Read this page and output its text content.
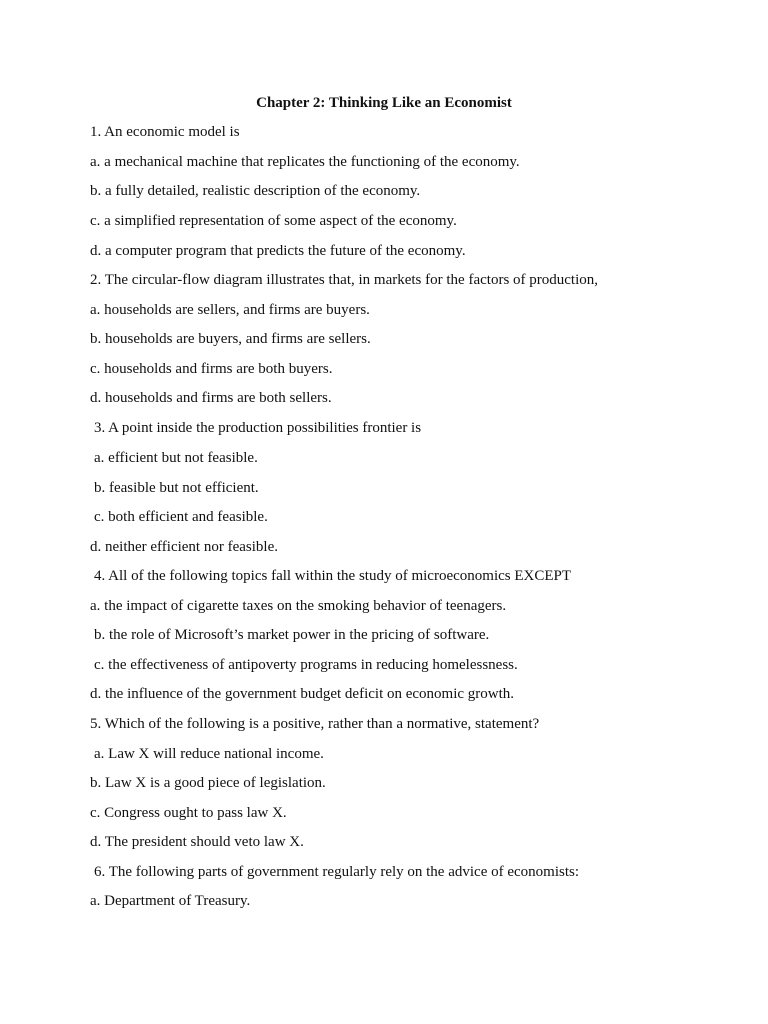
Chapter 2: Thinking Like an Economist
1. An economic model is
a. a mechanical machine that replicates the functioning of the economy.
b. a fully detailed, realistic description of the economy.
c. a simplified representation of some aspect of the economy.
d. a computer program that predicts the future of the economy.
2. The circular-flow diagram illustrates that, in markets for the factors of production,
a. households are sellers, and firms are buyers.
b. households are buyers, and firms are sellers.
c. households and firms are both buyers.
d. households and firms are both sellers.
3. A point inside the production possibilities frontier is
a. efficient but not feasible.
b. feasible but not efficient.
c. both efficient and feasible.
d. neither efficient nor feasible.
4. All of the following topics fall within the study of microeconomics EXCEPT
a. the impact of cigarette taxes on the smoking behavior of teenagers.
b. the role of Microsoft’s market power in the pricing of software.
c. the effectiveness of antipoverty programs in reducing homelessness.
d. the influence of the government budget deficit on economic growth.
5. Which of the following is a positive, rather than a normative, statement?
a. Law X will reduce national income.
b. Law X is a good piece of legislation.
c. Congress ought to pass law X.
d. The president should veto law X.
6. The following parts of government regularly rely on the advice of economists:
a. Department of Treasury.
